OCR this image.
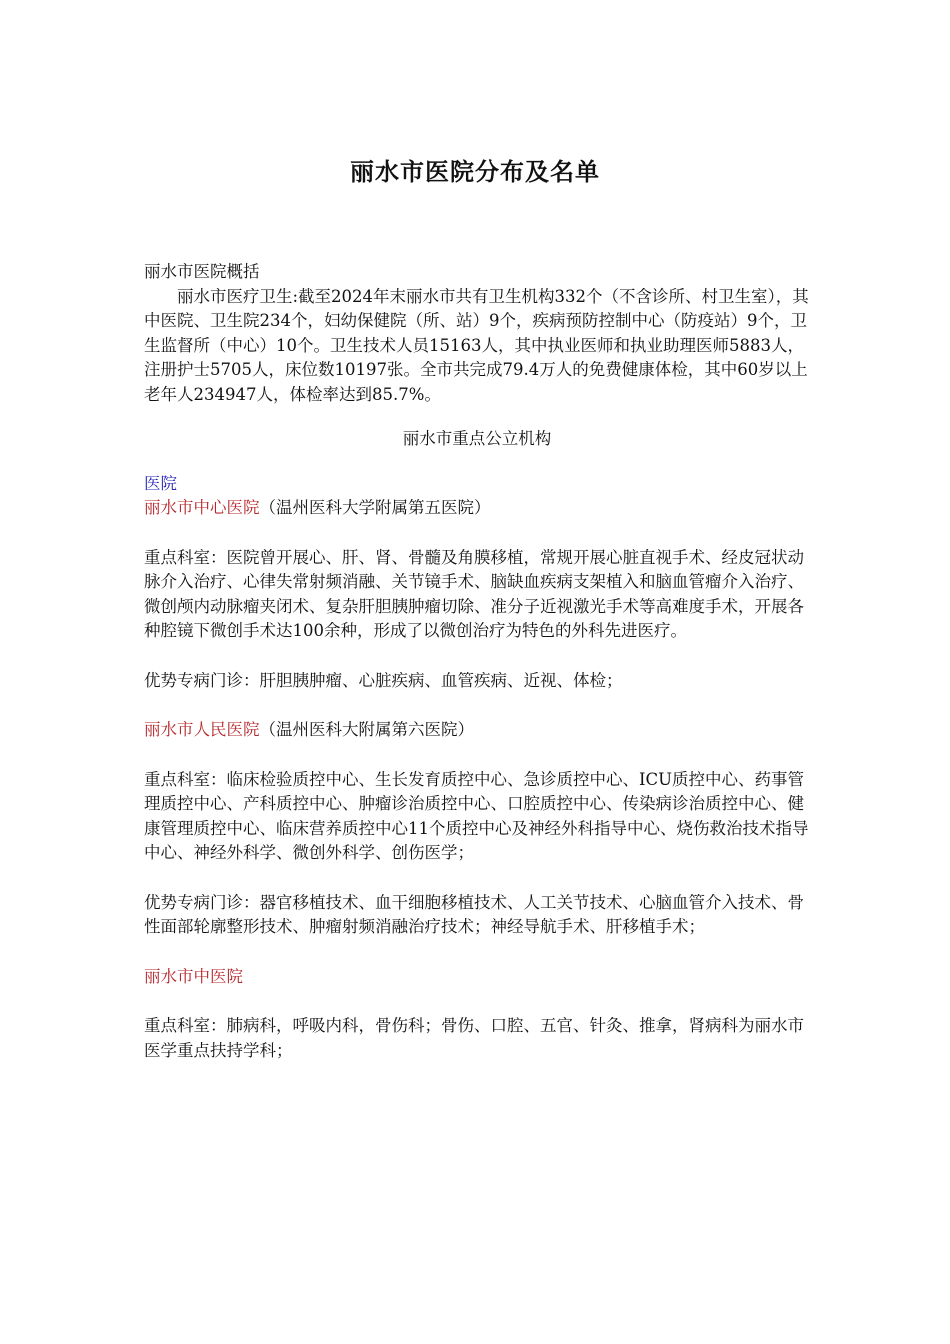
丽水市医院分布及名单

丽水市医院概括

丽水市医疗卫生:截至2024年末丽水市共有卫生机构332个（不含诊所、村卫生室），其中医院、卫生院234个，妇幼保健院（所、站）9个，疾病预防控制中心（防疫站）9个，卫生监督所（中心）10个。卫生技术人员15163人，其中执业医师和执业助理医师5883人，注册护士5705人，床位数10197张。全市共完成79.4万人的免费健康体检，其中60岁以上老年人234947人，体检率达到85.7%。

丽水市重点公立机构

医院

丽水市中心医院（温州医科大学附属第五医院）

重点科室：医院曾开展心、肝、肾、骨髓及角膜移植，常规开展心脏直视手术、经皮冠状动脉介入治疗、心律失常射频消融、关节镜手术、脑缺血疾病支架植入和脑血管瘤介入治疗、微创颅内动脉瘤夹闭术、复杂肝胆胰肿瘤切除、准分子近视激光手术等高难度手术，开展各种腔镜下微创手术达100余种，形成了以微创治疗为特色的外科先进医疗。

优势专病门诊：肝胆胰肿瘤、心脏疾病、血管疾病、近视、体检；

丽水市人民医院（温州医科大附属第六医院）

重点科室：临床检验质控中心、生长发育质控中心、急诊质控中心、ICU质控中心、药事管理质控中心、产科质控中心、肿瘤诊治质控中心、口腔质控中心、传染病诊治质控中心、健康管理质控中心、临床营养质控中心11个质控中心及神经外科指导中心、烧伤救治技术指导中心、神经外科学、微创外科学、创伤医学；

优势专病门诊：器官移植技术、血干细胞移植技术、人工关节技术、心脑血管介入技术、骨性面部轮廓整形技术、肿瘤射频消融治疗技术；神经导航手术、肝移植手术；

丽水市中医院

重点科室：肺病科，呼吸内科，骨伤科；骨伤、口腔、五官、针灸、推拿，肾病科为丽水市医学重点扶持学科；
